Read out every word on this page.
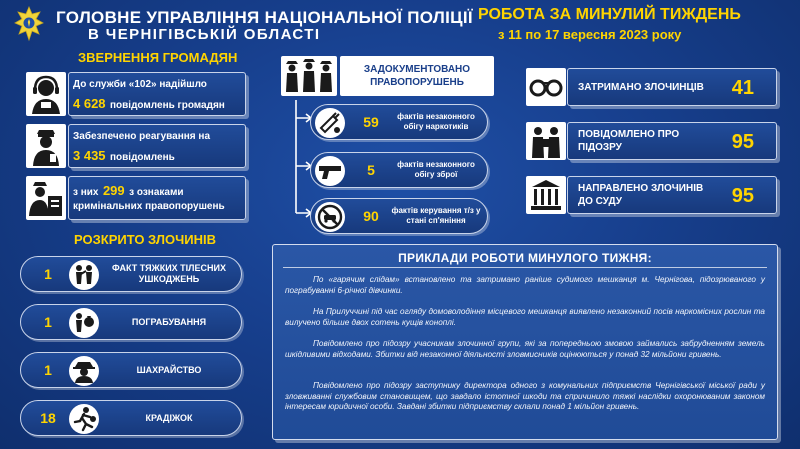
ГОЛОВНЕ УПРАВЛІННЯ НАЦІОНАЛЬНОЇ ПОЛІЦІЇ
В ЧЕРНІГІВСЬКІЙ ОБЛАСТІ
РОБОТА ЗА МИНУЛИЙ ТИЖДЕНЬ
з 11 по 17 вересня 2023 року
ЗВЕРНЕННЯ ГРОМАДЯН
До служби «102» надійшло
4 628 повідомлень громадян
Забезпечено реагування на
3 435 повідомлень
з них 299 з ознаками
кримінальних правопорушень
РОЗКРИТО ЗЛОЧИНІВ
1	ФАКТ ТЯЖКИХ ТІЛЕСНИХ УШКОДЖЕНЬ
1	ПОГРАБУВАННЯ
1	ШАХРАЙСТВО
18	КРАДІЖОК
ЗАДОКУМЕНТОВАНО ПРАВОПОРУШЕНЬ
59	фактів незаконного обігу наркотиків
5	фактів незаконного обігу зброї
90	фактів керування т/з у стані сп'яніння
ЗАТРИМАНО ЗЛОЧИНЦІВ	41
ПОВІДОМЛЕНО ПРО ПІДОЗРУ	95
НАПРАВЛЕНО ЗЛОЧИНІВ ДО СУДУ	95
ПРИКЛАДИ РОБОТИ МИНУЛОГО ТИЖНЯ:
По «гарячим слідам» встановлено та затримано раніше судимого мешканця м. Чернігова, підозрюваного у пограбуванні 6-річної дівчинки.
На Прилуччині під час огляду домоволодіння місцевого мешканця виявлено незаконний посів наркомісних рослин та вилучено більше двох сотень кущів коноплі.
Повідомлено про підозру учасникам злочинної групи, які за попередньою змовою займались забрудненням земель шкідливими відходами. Збитки від незаконної діяльності зловмисників оцінюються у понад 32 мільйони гривень.
Повідомлено про підозру заступнику директора одного з комунальних підприємств Чернігівської міської ради у зловживанні службовим становищем, що завдало істотної шкоди та спричинило тяжкі наслідки охоронюваним законом інтересам юридичної особи. Завдані збитки підприємству склали понад 1 мільйон гривень.
